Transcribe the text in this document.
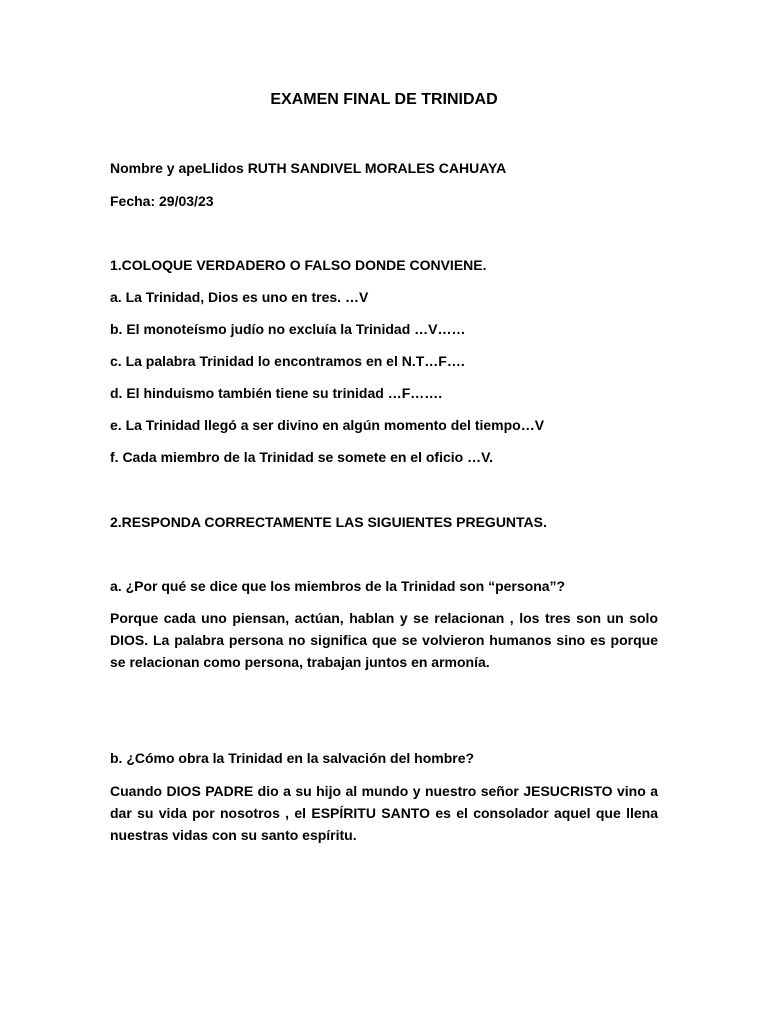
EXAMEN FINAL DE TRINIDAD
Nombre y apeLlidos RUTH SANDIVEL MORALES CAHUAYA
Fecha: 29/03/23
1.COLOQUE VERDADERO O FALSO DONDE CONVIENE.
a. La Trinidad, Dios es uno en tres. …V
b. El monoteísmo judío no excluía la Trinidad …V……
c. La palabra Trinidad lo encontramos en el N.T…F….
d. El hinduismo también tiene su trinidad …F…….
e. La Trinidad llegó a ser divino en algún momento del tiempo…V
f. Cada miembro de la Trinidad se somete en el oficio …V.
2.RESPONDA CORRECTAMENTE LAS SIGUIENTES PREGUNTAS.
a. ¿Por qué se dice que los miembros de la Trinidad son “persona”?
Porque cada uno piensan, actúan, hablan y se relacionan , los tres son un solo DIOS. La palabra persona no significa que se volvieron humanos sino es porque se relacionan como persona, trabajan juntos en armonía.
b. ¿Cómo obra la Trinidad en la salvación del hombre?
Cuando DIOS PADRE dio a su hijo al mundo y nuestro señor JESUCRISTO vino a dar su vida por nosotros , el ESPÍRITU SANTO es el consolador aquel que llena nuestras vidas con su santo espíritu.
